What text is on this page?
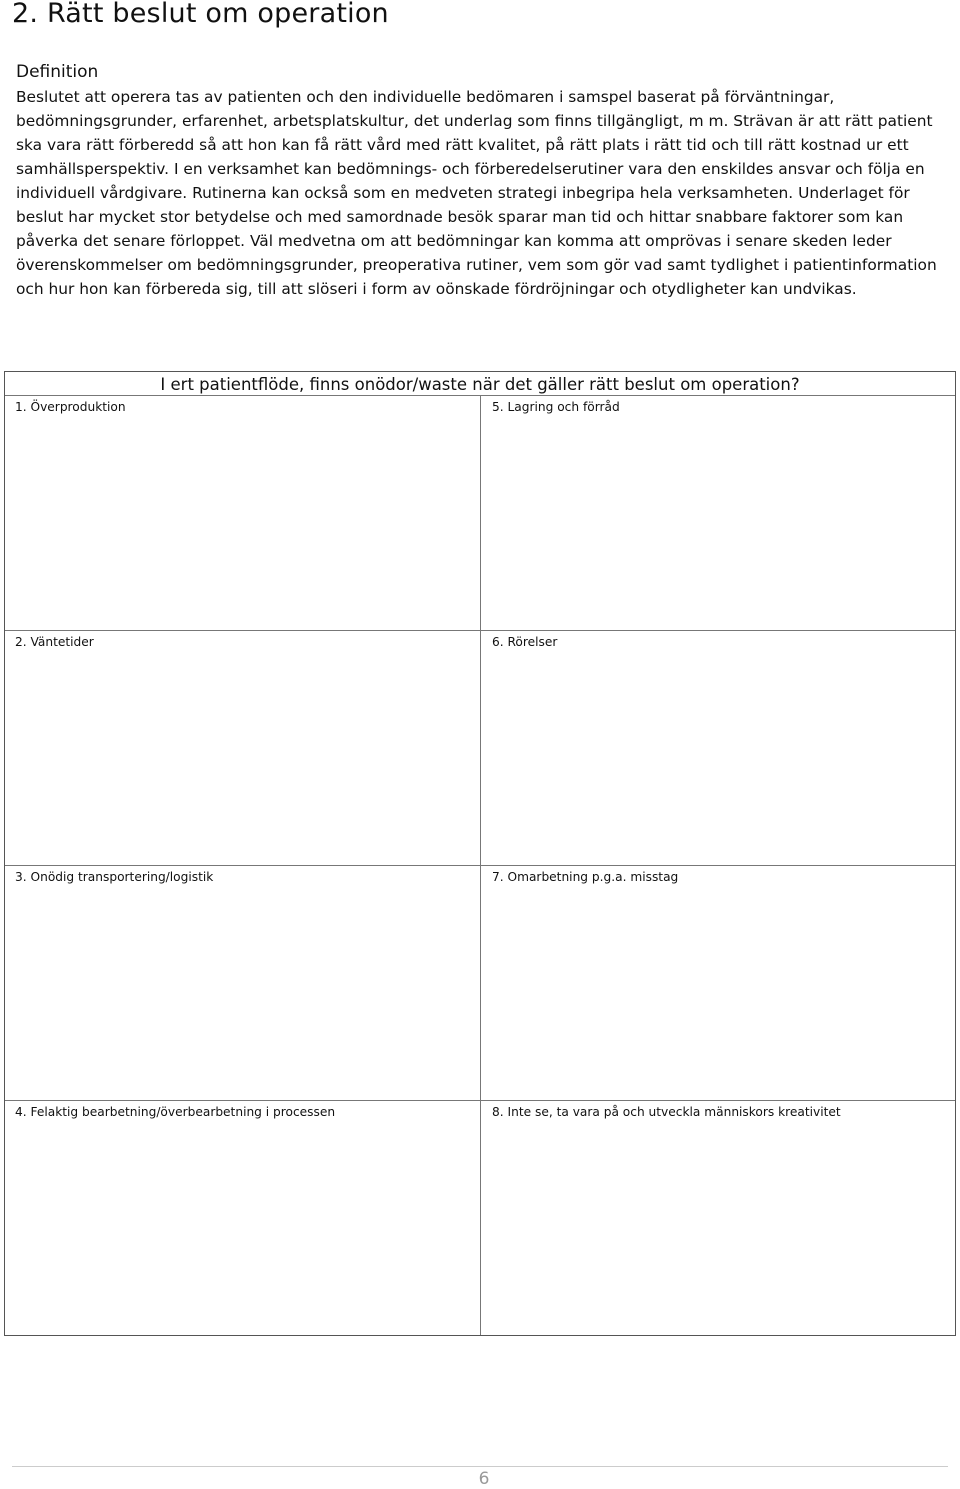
2. Rätt beslut om operation
Definition

Beslutet att operera tas av patienten och den individuelle bedömaren i samspel baserat på förväntningar, bedömningsgrunder, erfarenhet, arbetsplatskultur, det underlag som finns tillgängligt, m m. Strävan är att rätt patient ska vara rätt förberedd så att hon kan få rätt vård med rätt kvalitet, på rätt plats i rätt tid och till rätt kostnad ur ett samhällsperspektiv. I en verksamhet kan bedömnings- och förberedelserutiner vara den enskildes ansvar och följa en individuell vårdgivare. Rutinerna kan också som en medveten strategi inbegripa hela verksamheten. Underlaget för beslut har mycket stor betydelse och med samordnade besök sparar man tid och hittar snabbare faktorer som kan påverka det senare förloppet. Väl medvetna om att bedömningar kan komma att omprövas i senare skeden leder överenskommelser om bedömningsgrunder, preoperativa rutiner, vem som gör vad samt tydlighet i patientinformation och hur hon kan förbereda sig, till att slöseri i form av oönskade fördröjningar och otydligheter kan undvikas.

I ert patientflöde, finns onödor/waste när det gäller rätt beslut om operation?
1. Överproduktion	5. Lagring och förråd
2. Väntetider	6. Rörelser
3. Onödig transportering/logistik	7. Omarbetning p.g.a. misstag
4. Felaktig bearbetning/överbearbetning i processen	8. Inte se, ta vara på och utveckla människors kreativitet
6
